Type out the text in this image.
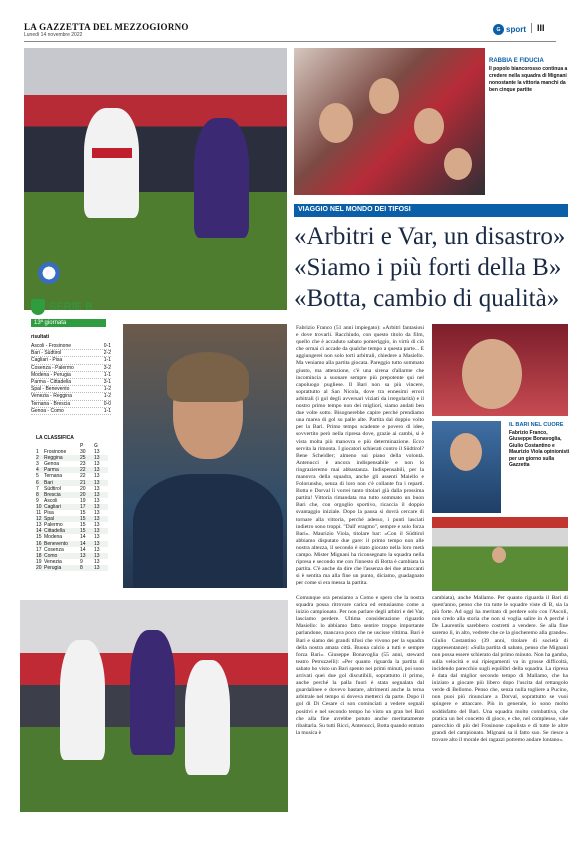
LA GAZZETTA DEL MEZZOGIORNO
Lunedì 14 novembre 2022
G sport	III
RABBIA E FIDUCIA
Il popolo biancorosso continua a credere nella squadra di Mignani nonostante la vittoria manchi da ben cinque partite
VIAGGIO NEL MONDO DEI TIFOSI
«Arbitri e Var, un disastro»
«Siamo i più forti della B»
«Botta, cambio di qualità»
SERIE B
13ª giornata
risultati
Ascoli - Frosinone	0-1
Bari - Südtirol	2-2
Cagliari - Pisa	1-1
Cosenza - Palermo	3-2
Modena - Perugia	1-1
Parma - Cittadella	3-1
Spal - Benevento	1-2
Venezia - Reggina	1-2
Ternana - Brescia	0-0
Genoa - Como	1-1
LA CLASSIFICA
P	G
1	Frosinone	30	13
2	Reggina	25	13
3	Genoa	23	13
4	Parma	22	13
5	Ternana	22	13
6	Bari	21	13
7	Südtirol	20	13
8	Brescia	20	13
9	Ascoli	19	13
10 Cagliari	17	13
11 Pisa	15	13
12 Spal	15	13
13 Palermo	15	13
14 Cittadella	15	13
15 Modena	14	13
16 Benevento	14	13
17 Cosenza	14	13
18 Como	13	13
19 Venezia	9	13
20 Perugia	8	13
Fabrizio Franco (51 anni impiegato): «Arbitri fantasiosi e dove trovarli. Racchiudo, con questo titolo da film, quello che è accaduto sabato pomeriggio, in virtù di ciò che ormai ci accade da qualche tempo a questa parte... E aggiungerei non solo torti arbitrali, chiedere a Masiello. Ma veniamo alla partita giocata. Pareggio tutto sommato giusto, ma attenzione, c'è una sirena d'allarme che incomincia a suonare sempre più prepotente qui nel capoluogo pugliese. Il Bari non sa più vincere, soprattutto al San Nicola, dove tra ennesimi errori arbitrali (i gol degli avversari viziati da irregolarità) e il nostro primo tempo non dei migliori, siamo andati ben due volte sotto. Bisognerebbe capire perché prendiamo una marea di gol su palle alte. Partita dal doppio volto per la Bari. Primo tempo scadente e povero di idee, sovvertito però nella ripresa dove, grazie ai cambi, si è vista molta più manovra e più determinazione. Ecco servita la rimonta. I giocatori schierati contro il Südtirol? Bene Scheidler; almeno sui piano della volontà. Antenucci è ancora indispensabile e non lo ringrazieremo mai abbastanza. Indispensabili, per la manovra della squadra, anche gli assenti Maiello e Folorunsho, senza di loro non c'è collante fra i reparti. Botta e Dorval li vorrei tanto titolari già dalla prossima partita! Vittoria rimandata ma tutto sommato un buon Bari che, con orgoglio sportivo, ricaccia il doppio svantaggio iniziale. Dopo la pausa si dovrà cercare di tornare alla vittoria, perché adesso, i punti lasciati indietro sono troppi. "Dall' eragmo", sempre e solo forza Bari». Maurizio Viola, titolare bar: «Con il Südtirol abbiamo disputato due gare: il primo tempo non alle nostra altezza, il secondo è stato giocato nella loro metà campo. Mister Mignani ha riconsegnato la squadra nella ripresa e secondo me con l'innesto di Botta è cambiata la partita. C'è anche da dire che l'assenza dei due attaccanti si è sentita ma alla fine un punto, diciamo, guadagnato per come si era messa la partita.
Comunque ora pensiamo a Como e spero che la nostra squadra possa ritrovare carica ed entusiasmo come a inizio campionato. Per non parlare degli arbitri e del Var, lasciamo perdere. Ultima considerazione riguardo Masiello: lo abbiamo fatto sentire troppo importante parlandone, mancava poco che ne uscisse vittima. Bari è Bari e siamo dei grandi tifosi che vivono per la squadra della nostra amata città. Buona calcio a tutti e sempre forza Bari». Giuseppe Bonavoglia (55 anni, steward teatro Petruzzelli): «Per quanto riguarda la partita di sabato ho visto un Bari spento nei primi minuti, poi sono arrivati quei due gol discutibili, soprattutto il primo, anche perché la palla fuori è stata segnalata dal guardalinee e dovevo bastare, altrimenti anche la terna arbitrale nel tempo si doveva metterci da parte. Dopo il gol di Di Cesare ci son cominciati a vedere segnali positivi e nel secondo tempo ho visto un gran bel Bari che alla fine avrebbe potuto anche meritatamente ribaltarla. Su tutti Ricci, Antenucci, Botta quando entrato la musica è
cambiata), anche Mallamo. Per quanto riguarda il Bari di quest'anno, penso che tra tutte le squadre viste di B, sia la più forte. Ad oggi ha meritato di perdere solo con l'Ascoli, non credo alla storia che non si voglia salire in A perché i De Laurentiis sarebbero costretti a vendere. Se alla fine saremo lì, in alto, vedrete che ce la giocheremo alla grande». Giulio Costantino (39 anni, titolare di società di rappresentanze): «Sulla partita di sabato, penso che Mignani non possa essere schierato dal primo minuto. Non ha gamba, sulla velocità e sui ripiegamenti va in grosse difficoltà, incidendo parecchio sugli equilibri della squadra. La ripresa è data dal miglior secondo tempo di Mallamo, che ha iniziato a giocare più libero dopo l'uscita dal rettangolo verde di Bellomo. Penso che, senza nulla togliere a Pucino, non puoi più rinunciare a Dorval, soprattutto se vuoi spingere e attaccare. Più in generale, io sono molto soddisfatto del Bari. Una squadra molto combattiva, che pratica un bel concetto di gioco, e che, nel complesso, vale parecchio di più del Frosinone capolista e di tutte le altre grandi del campionato. Mignani sa il fatto suo. Se riesce a trovare alto il morale dei ragazzi potremo andare lontano».
IL BARI NEL CUORE
Fabrizio Franco, Giuseppe Bonavoglia, Giulio Costantino e Maurizio Viola opinionisti per un giorno sulla Gazzetta
